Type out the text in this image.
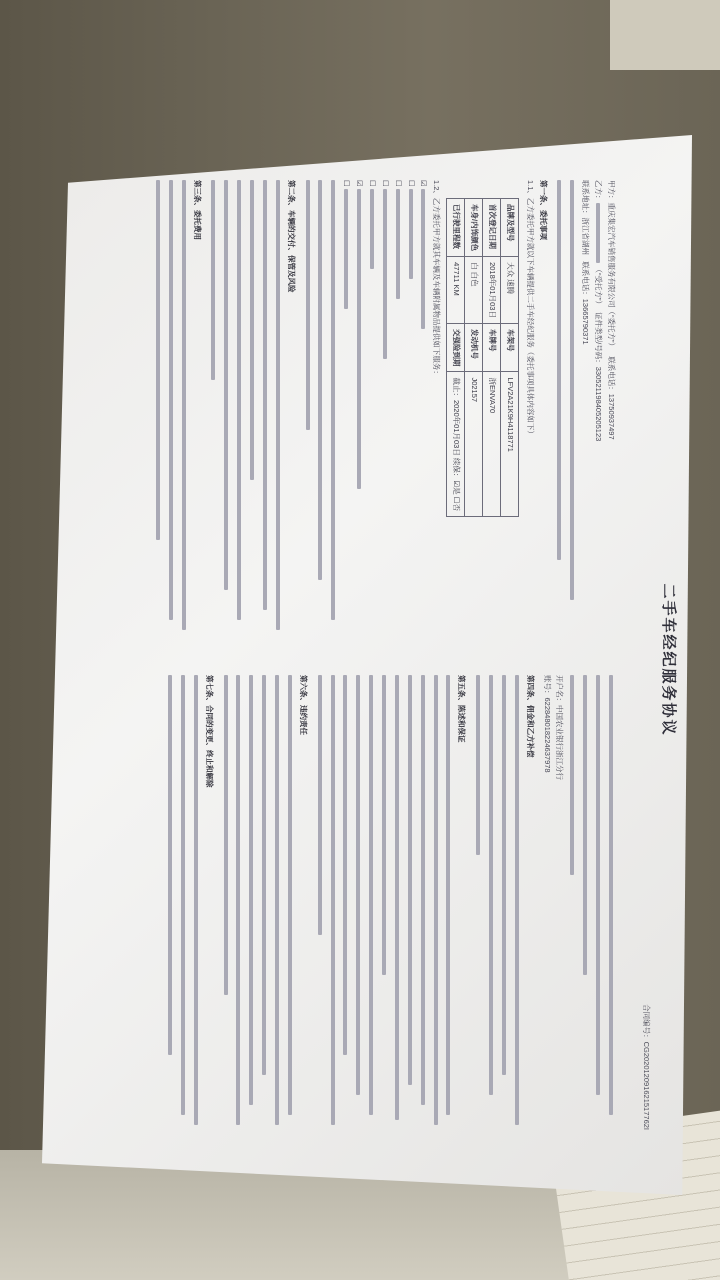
二手车经纪服务协议
合同编号：CG202012091621517762I
甲方：重庆集宏汽车销售服务有限公司（“委托方”）   联系电话：13750937497
乙方：（“受托方”）  证件类型/号码：330521198405205123
联系地址：浙江省湖州   联系电话：13665790371
第一条、委托事项
1.1、乙方委托甲方就以下车辆提供二手车经纪服务（委托事项具体内容如下）
品牌及型号	大众 速腾	车架号	LFV2A21K9H4118771
首次登记日期	2018年01月03日	车牌号	浙ENVA70
车身/内饰颜色	白 白色	发动机号	J02157
已行驶里程数	47711 KM	交强险到期	截止：2020年01月03日 续保：☑是 ☐否
1.2、乙方委托甲方就其车辆及车辆附属物品提供如下服务：
☑
☐
☐
☐
☐
☑
☐
第二条、车辆的交付、保管及风险
第三条、委托费用
开户名：中国农业银行浙江分行
账号：622848018224637978
第四条、佣金和乙方补偿
第五条、陈述和保证
第六条、违约责任
第七条、合同的变更、终止和解除
